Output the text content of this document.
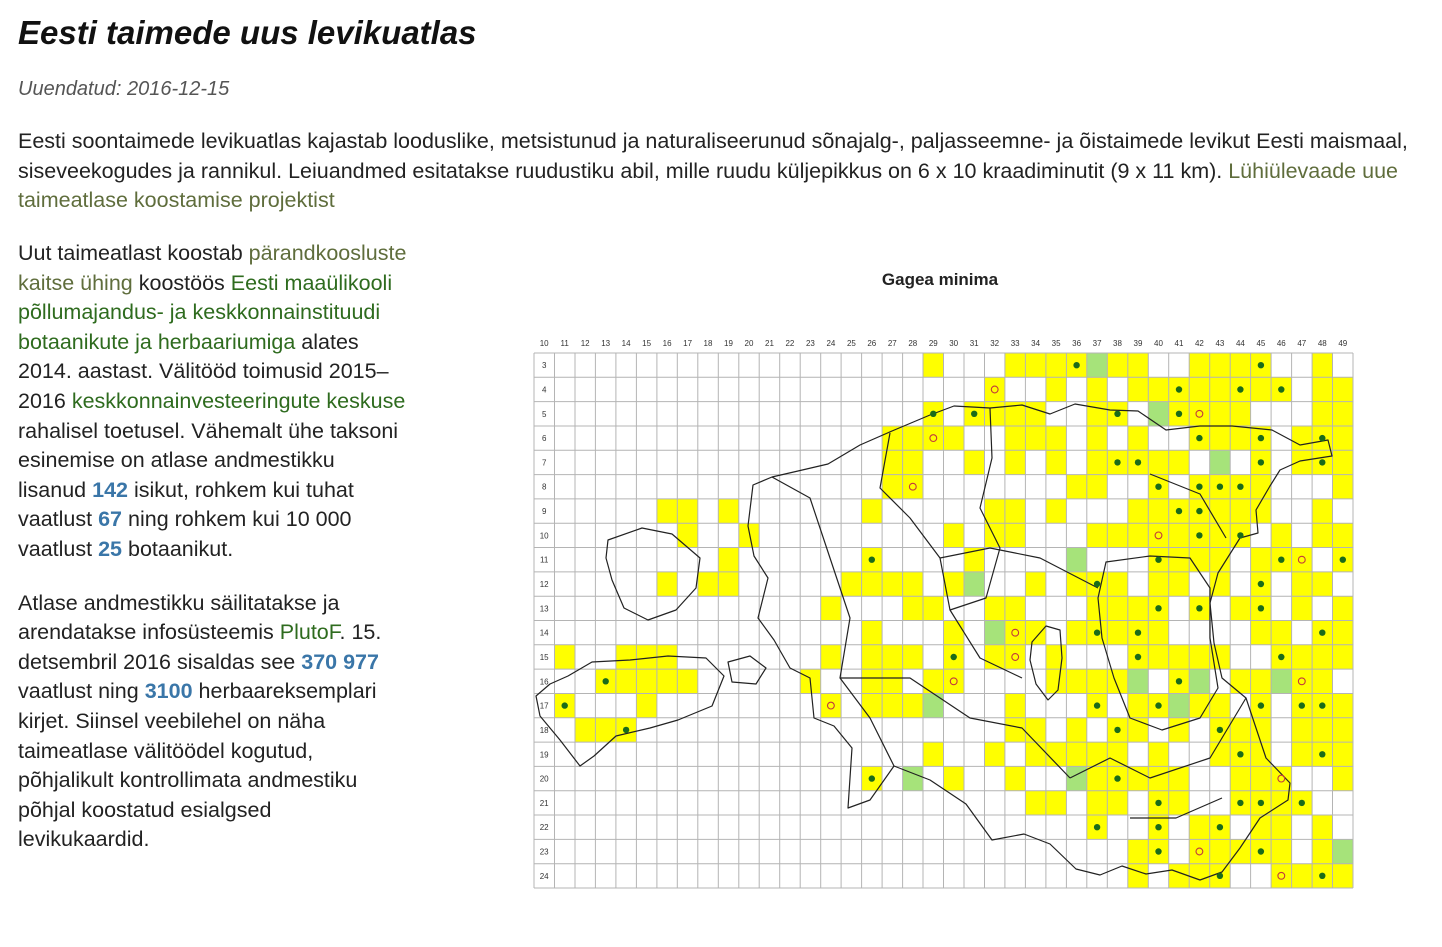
Eesti taimede uus levikuatlas
Uuendatud: 2016-12-15
Eesti soontaimede levikuatlas kajastab looduslike, metsistunud ja naturaliseerunud sõnajalg-, paljasseemne- ja õistaimede levikut Eesti maismaal, siseveekogudes ja rannikul. Leiuandmed esitatakse ruudustiku abil, mille ruudu küljepikkus on 6 x 10 kraadiminutit (9 x 11 km). Lühiülevaade uue taimeatlase koostamise projektist

Uut taimeatlast koostab pärandkoosluste kaitse ühing koostöös Eesti maaülikooli põllumajandus- ja keskkonnainstituudi botaanikute ja herbaariumiga alates 2014. aastast. Välitööd toimusid 2015–2016 keskkonnainvesteeringute keskuse rahalisel toetusel. Vähemalt ühe taksoni esinemise on atlase andmestikku lisanud 142 isikut, rohkem kui tuhat vaatlust 67 ning rohkem kui 10 000 vaatlust 25 botaanikut.

Atlase andmestikku säilitatakse ja arendatakse infosüsteemis PlutoF. 15. detsembril 2016 sisaldas see 370 977 vaatlust ning 3100 herbaareksemplari kirjet. Siinsel veebilehel on näha taimeatlase välitöödel kogutud, põhjalikult kontrollimata andmestiku põhjal koostatud esialgsed levikukaardid.

Gagea minima
10 11 12 13 14 15 16 17 18 19 20 21 22 23 24 25 26 27 28 29 30 31 32 33 34 35 36 37 38 39 40 41 42 43 44 45 46 47 48 49
3
4
5
6
7
8
9
10
11
12
13
14
15
16
17
18
19
20
21
22
23
24
